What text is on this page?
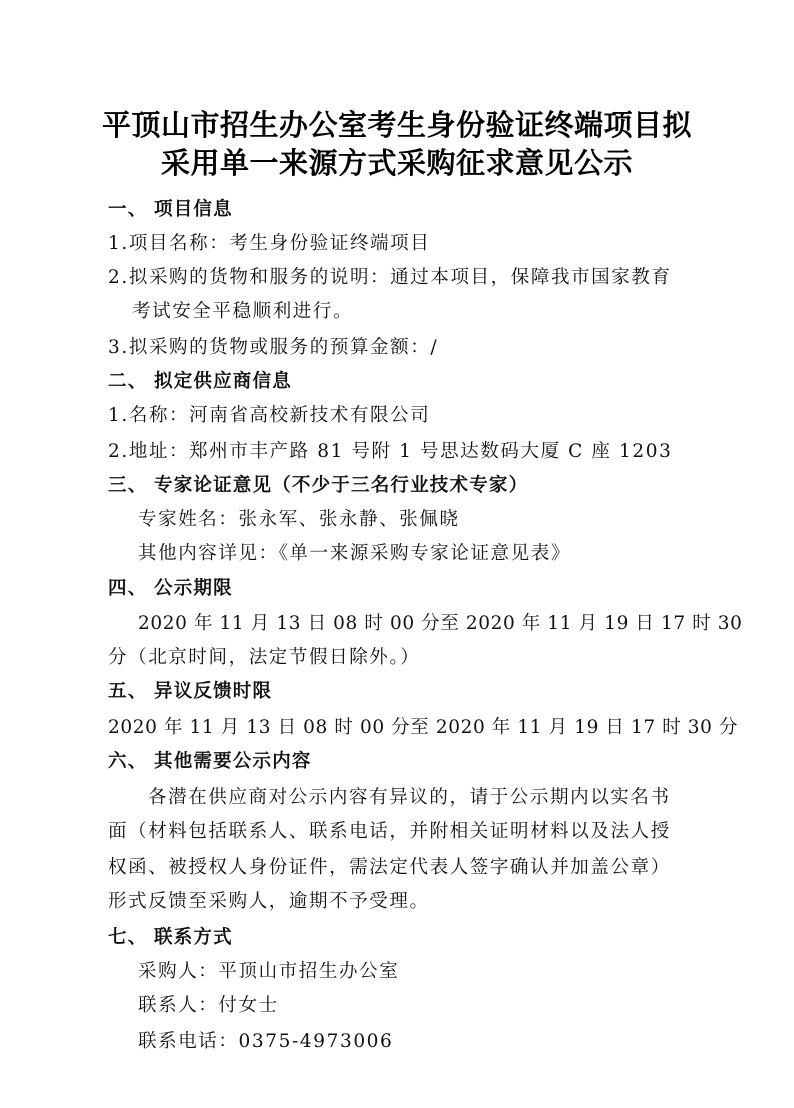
平顶山市招生办公室考生身份验证终端项目拟
采用单一来源方式采购征求意见公示
一、 项目信息
1.项目名称：考生身份验证终端项目
2.拟采购的货物和服务的说明：通过本项目，保障我市国家教育
考试安全平稳顺利进行。
3.拟采购的货物或服务的预算金额：/
二、 拟定供应商信息
1.名称：河南省高校新技术有限公司
2.地址：郑州市丰产路 81 号附 1 号思达数码大厦 C 座 1203
三、 专家论证意见（不少于三名行业技术专家）
专家姓名：张永军、张永静、张佩晓
其他内容详见：《单一来源采购专家论证意见表》
四、 公示期限
2020 年 11 月 13 日 08 时 00 分至 2020 年 11 月 19 日 17 时 30
分（北京时间，法定节假日除外。）
五、 异议反馈时限
2020 年 11 月 13 日 08 时 00 分至 2020 年 11 月 19 日 17 时 30 分
六、 其他需要公示内容
各潜在供应商对公示内容有异议的，请于公示期内以实名书
面（材料包括联系人、联系电话，并附相关证明材料以及法人授
权函、被授权人身份证件，需法定代表人签字确认并加盖公章）
形式反馈至采购人，逾期不予受理。
七、 联系方式
采购人：平顶山市招生办公室
联系人：付女士
联系电话：0375-4973006
